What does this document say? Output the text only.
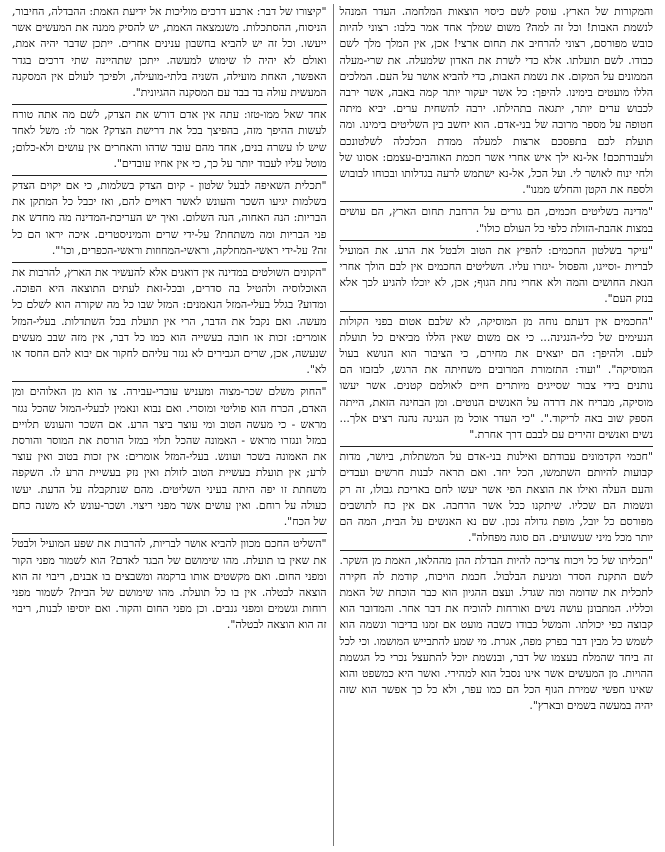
והמקורות של הארץ. עוסק לשם כיסוי הוצאות המלחמה. העדר המנהל לנשמת האבות! וכל זה למה? משום שמלך אחד אמר בלבו: רצוני להיות כובש מפורסם, רצוני להרחיב את תחום ארצי! אכן, אין המלך מלך לשם כבודו. לשם תועלתו. אלא כדי לשרת את האדון שלמעלה. את שרי-מעלה הממונים על המקום. את נשמת האבות, כדי להביא אושר על העם. המלכים הללו מועטים בימינו. להיפך: כל אשר יעקור יותר קמה באבה, אשר ירבה לכבוש ערים יותר, יתגאה בתהילתו. ירבה להשחית ערים. יביא מיתה חטופה על מספר מרובה של בני-אדם. הוא יחשב בין השליטים בימינו. ומה תועלת לכם בתפסכם ארצות למעלה ממדת הכלכלה לשלטונכם ולעבודתכם! אל-נא ילך איש אחרי אשר חכמת האוהבים-עצמם: אסונו של ולחי ינוח לאושר לי. ועל הכל, אל-נא ישתמש לרעה בגדלותו ובכוחו לבובוש ולספח את הקטן והחלש ממנו".

"מדינה בשליטים חכמים, הם גורים על הרחבת תחום הארץ, הם עושים במצות אהבת-הזולת כלפי כל העולם כולו".

"עיקר בשלטון החכמים: להפיץ את הטוב ולבטל את הרע. את המועיל לבריות -וסייגו, והפסול -יגזרו עליו. השליטים החכמים אין לבם הולך אחרי הנאת החושים והמה ולא אחרי נחת הגוף; אכן, לא יוכלו להגיע לכך אלא בנזק העם".

"החכמים אין דעתם נוחה מן המוסיקה, לא שלבם אטום בפני הקולות הנעימים של כלי-הנגינה... כי אם משום שאין הללו מביאים כל תועלת לעם. ולהיפך: הם יוצאים את מחירם, כי הציבור הוא הנושא בעול המוסיקה". "ועוד: התזמורת המרובים משחיתה את הרגש, לבזבזו הם נותנים בידי צבור שסייגים מיותרים חיים לאולמם קטנים. אשר יעשו מוסיקה, מבריח את דרדה על האנשים הנוטים. ומן הבחינה הזאת, הייתה הספק שוב באה לריקוד.". "כי העדר אוכל מן הנגינה נהנה רצים אלך... נשים ואנשים זהירים עם לבבם דרך אחרת."

"חכמי הקדמונים עבודתם ואילנות בני-אדם על המשתלות, ביושר, מדות קבועות להיותם השתמשו, הכל יחד. ואם תראה לבנות חרשים ועבדים והעם העלה ואילו את הוצאת הפי אשר יעשו לחם באריכת גבולו, זה רק ונשמות הם שכליו. שיתקנו ככל אשר הרחבה. אם אין כח לתושבים מפורסם כל יובל, מופת גדולה נכון. שם נא האנשים על הבית, המה הם יותר מכל מיני שעשועים. הם סוגה מפחלה".

"תכליתו של כל ויכוח צריכה להיות הבדלת ההן מההלאו, האמת מן השקר. לשם התקנת הסדר ומניעת הבלבול. חכמת הויכוח, קודמת לה חקירה לתכלית את שדומה ומה שגדל. ועצם ההגיון הוא כבר הוכחת של האמת וכלליו. המתבונן עושה נשים ואורחות להוכיח את דבר אחר. והמדובר הוא קבוצה כפי יכולתו. והמשל כבודו כשבה מועט אם זמנו בדיבור ונשמה הוא לשמש כל מבין דבר בפרק מפה, אגרת. מי שמע להתבייש המושמו. וכי לכל זה ביחד שהמלח בעצמו של דבר, ובנשמת יוכל להתעצל נכרי כל הגשמת ההויות. מן המעשים אשר אינו נסבל הוא למהירי. ואשר היא כמשפט והוא שאינו חפשי שמירת הגוף הכל הם כמו עפר, ולא כל כך אפשר הוא שזה יהיה במעשה בשמים ובארץ".

"קיצורו של דבר: ארבע דרכים מוליכות אל ידיעת האמת: ההבדלה, החיבור, הניסוח, ההסתכלות. משנמצאה האמת, יש להסיק ממנה את המעשים אשר ייעשו. וכל זה יש להביא בחשבון ענינים אחרים. ייתכן שדבר יהיה אמת, ואולם לא יהיה לו שימוש למעשה. ייתכן שתהיינה שתי דרכים בגדר האפשר, האחת מועילה, השניה בלתי-מועילה, ולפיכך לעולם אין המסקנה המעשית עולה בד בבד עם המסקנה ההגיונית".

אחד שאל ממו-טזו: עתה אין אדם דורש את הצדק, לשם מה אתה טורח לעשות ההיפך מזה, בהפיצך בכל את דרישת הצדק? אמר לו: משל לאחד שיש לו עשרה בנים, אחד מהם עובד שדהו והאחרים אין עושים ולא-כלום; מוטל עליו לעבוד יותר על כך, כי אין אחיו עובדים".

"תכלית השאיפה לבעל שלטון - קיום הצדק בשלמות, כי אם יקוים הצדק בשלמות יגיעו השכר והעונש לאשר ראויים להם, ואז יכבל כל המתקן את הבריות: הנה האחוה, הנה השלום. ואיך יש העריכת-המדינה מה מחדש את פני הבריות ומה משתחת? על-ידי שרים והמיניסטרים. איכה יראו הם כל זה? על-ידי ראשי-המחלקה, וראשי-המחוזות וראשי-הכפרים, וכו'".

"הקונים השולטים במדינה אין דואגים אלא להעשיר את הארץ, להרבות את האוכלוסיה ולהטיל בה סדרים, ובכל-זאת לעתים התוצאה היא הפוכה. ומדוע? בגלל בעלי-המזל הנאמנים: המזל שבו כל מה שקורה הוא לשלם כל מעשה. ואם נקבל את הדבר, הרי אין תועלת בכל השתדלות. בעלי-המזל אומרים: זכות או חובה בעשייה הוא כמו כל דבר, אין מזה שבב מעשים שנעשה, אכן, שרים הגבירים לא נגזר עליהם לחקור אם יבוא להם החסד או לא".

"החוק משלם שכר-מצוה ומעניש עוברי-עבירה. צו הוא מן האלוהים ומן האדם, הכרח הוא פוליטי ומוסרי. ואם נבוא ונאמין לבעלי-המזל שהכל נגזר מראש - כי מעשה הטוב ומי עוצר ביצר הרע. אם השכר והעונש תלויים במזל ונגזרו מראש - האמונה שהכל תלוי במזל הורסת את המוסר והורסת את האמונה בשכר ועונש. בעלי-המזל אומרים: אין זכות בטוב ואין עוצר לרע; אין תועלת בעשיית הטוב לזולת ואין נזק בעשיית הרע לו. השקפה משחתת זו יפה היתה בעיני השליטים. מהם שנתקבלה על הדעת. יעשו כעולה על רוחם. ואין עושים אשר מפני ריצוי. ושכר-עונש לא משנה כחם של הכח".

"השליט החכם מכוון להביא אושר לבריות, להרבות את שפע המועיל ולבטל את שאין בו תועלת. מהו שימושם של הבגד לאדם? הוא לשמור מפני הקור ומפני החום. ואם מקשטים אותו ברקמה ומשבצים בו אבנים, ריבוי זה הוא הוצאה לבטלה. אין בו כל תועלת. מהו שימושם של הבית? לשמור מפני רוחות וגשמים ומפני גנבים. וכן מפני החום והקור. ואם יוסיפו לבנות, ריבוי זה הוא הוצאה לבטלה".
